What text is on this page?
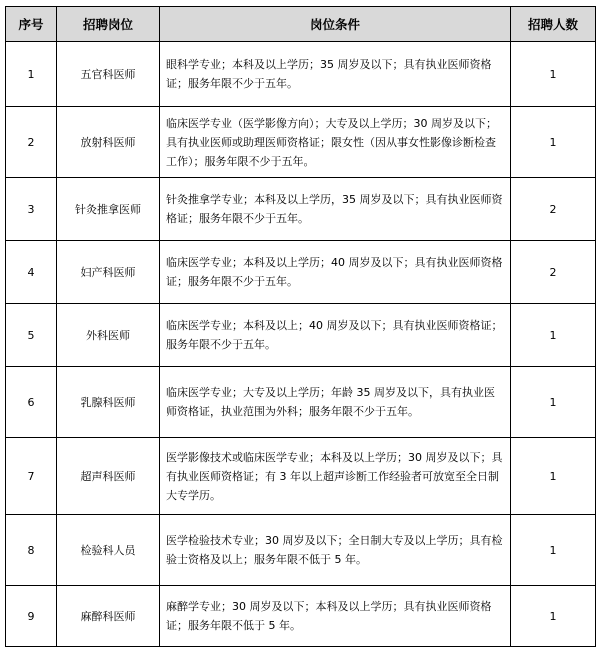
序号	招聘岗位	岗位条件	招聘人数
1	五官科医师	眼科学专业；本科及以上学历；35 周岁及以下；具有执业医师资格证；服务年限不少于五年。	1
2	放射科医师	临床医学专业（医学影像方向）；大专及以上学历；30 周岁及以下；具有执业医师或助理医师资格证；限女性（因从事女性影像诊断检查工作）；服务年限不少于五年。	1
3	针灸推拿医师	针灸推拿学专业；本科及以上学历，35 周岁及以下；具有执业医师资格证；服务年限不少于五年。	2
4	妇产科医师	临床医学专业；本科及以上学历；40 周岁及以下；具有执业医师资格证；服务年限不少于五年。	2
5	外科医师	临床医学专业；本科及以上；40 周岁及以下；具有执业医师资格证；服务年限不少于五年。	1
6	乳腺科医师	临床医学专业；大专及以上学历；年龄 35 周岁及以下，具有执业医师资格证，执业范围为外科；服务年限不少于五年。	1
7	超声科医师	医学影像技术或临床医学专业；本科及以上学历；30 周岁及以下；具有执业医师资格证；有 3 年以上超声诊断工作经验者可放宽至全日制大专学历。	1
8	检验科人员	医学检验技术专业；30 周岁及以下；全日制大专及以上学历；具有检验士资格及以上；服务年限不低于 5 年。	1
9	麻醉科医师	麻醉学专业；30 周岁及以下；本科及以上学历；具有执业医师资格证；服务年限不低于 5 年。	1
